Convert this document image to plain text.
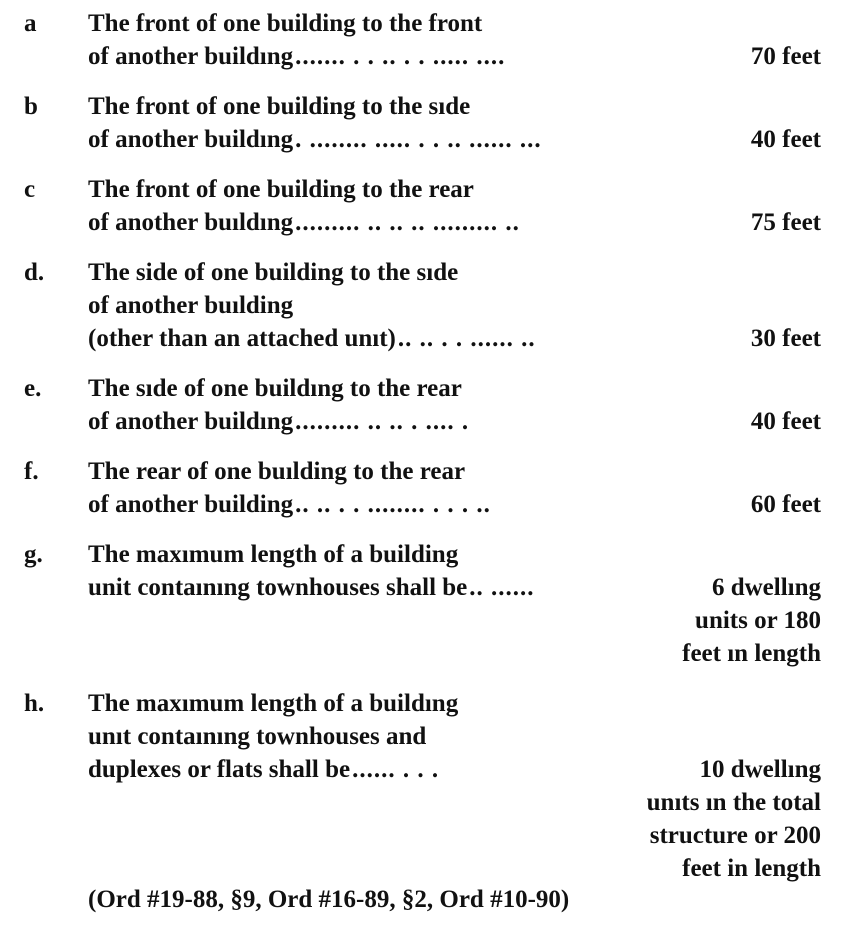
a The front of one building to the front
of another buildıng ....... . . .. . . ..... ....	70 feet
b The front of one building to the sıde
of another buildıng . ........ ..... . . .. ...... ...	40 feet
c The front of one building to the rear
of another buıldıng ......... .. .. .. ......... ..	75 feet
d. The side of one building to the sıde
of another buılding
(other than an attached unıt) .. .. . . ...... ..	30 feet
e. The sıde of one buildıng to the rear
of another buildıng ......... .. .. . .... .	40 feet
f. The rear of one buılding to the rear
of another building .. .. . . ........ . . . ..	60 feet
g. The maxımum length of a building
unit contaınıng townhouses shall be .. ......	6 dwellıng
units or 180
feet ın length
h. The maxımum length of a buildıng
unıt contaınıng townhouses and
duplexes or flats shall be ...... . . .	10 dwellıng
unıts ın the total
structure or 200
feet in length
(Ord #19-88, §9, Ord #16-89, §2, Ord #10-90)
